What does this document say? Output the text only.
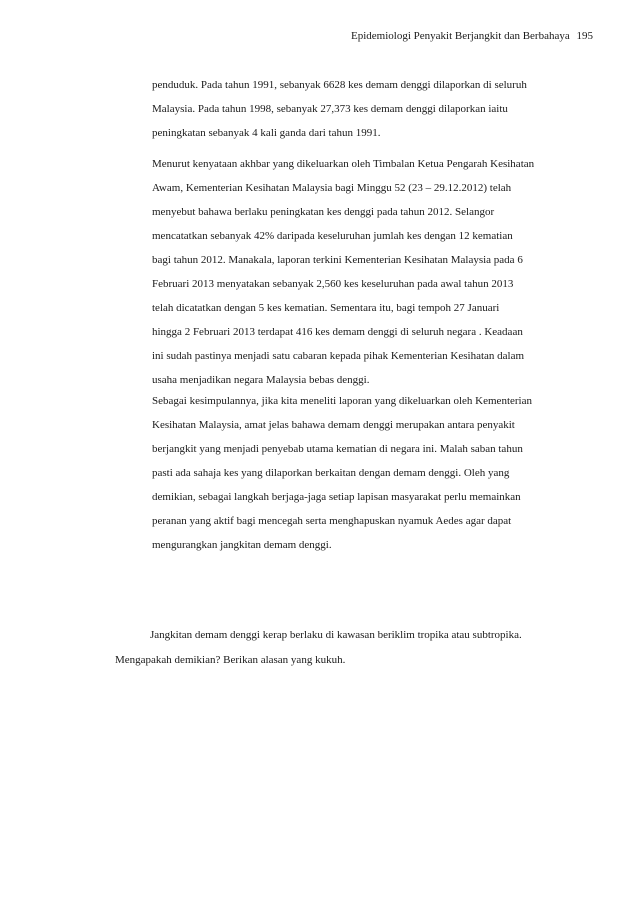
Epidemiologi Penyakit Berjangkit dan Berbahaya 195
penduduk. Pada tahun 1991, sebanyak 6628 kes demam denggi dilaporkan di seluruh
Malaysia. Pada tahun 1998, sebanyak 27,373 kes demam denggi dilaporkan iaitu
peningkatan sebanyak 4 kali ganda dari tahun 1991.
Menurut kenyataan akhbar yang dikeluarkan oleh Timbalan Ketua Pengarah Kesihatan
Awam, Kementerian Kesihatan Malaysia bagi Minggu 52 (23 – 29.12.2012) telah
menyebut bahawa berlaku peningkatan kes denggi pada tahun 2012. Selangor
mencatatkan sebanyak 42% daripada keseluruhan jumlah kes dengan 12 kematian
bagi tahun 2012. Manakala, laporan terkini Kementerian Kesihatan Malaysia pada 6
Februari 2013 menyatakan sebanyak 2,560 kes keseluruhan pada awal tahun 2013
telah dicatatkan dengan 5 kes kematian. Sementara itu, bagi tempoh 27 Januari
hingga 2 Februari 2013 terdapat 416 kes demam denggi di seluruh negara . Keadaan
ini sudah pastinya menjadi satu cabaran kepada pihak Kementerian Kesihatan dalam
usaha menjadikan negara Malaysia bebas denggi.
Sebagai kesimpulannya, jika kita meneliti laporan yang dikeluarkan oleh Kementerian
Kesihatan Malaysia, amat jelas bahawa demam denggi merupakan antara penyakit
berjangkit yang menjadi penyebab utama kematian di negara ini. Malah saban tahun
pasti ada sahaja kes yang dilaporkan berkaitan dengan demam denggi. Oleh yang
demikian, sebagai langkah berjaga-jaga setiap lapisan masyarakat perlu memainkan
peranan yang aktif bagi mencegah serta menghapuskan nyamuk Aedes agar dapat
mengurangkan jangkitan demam denggi.
Jangkitan demam denggi kerap berlaku di kawasan beriklim tropika atau subtropika.
Mengapakah demikian? Berikan alasan yang kukuh.
